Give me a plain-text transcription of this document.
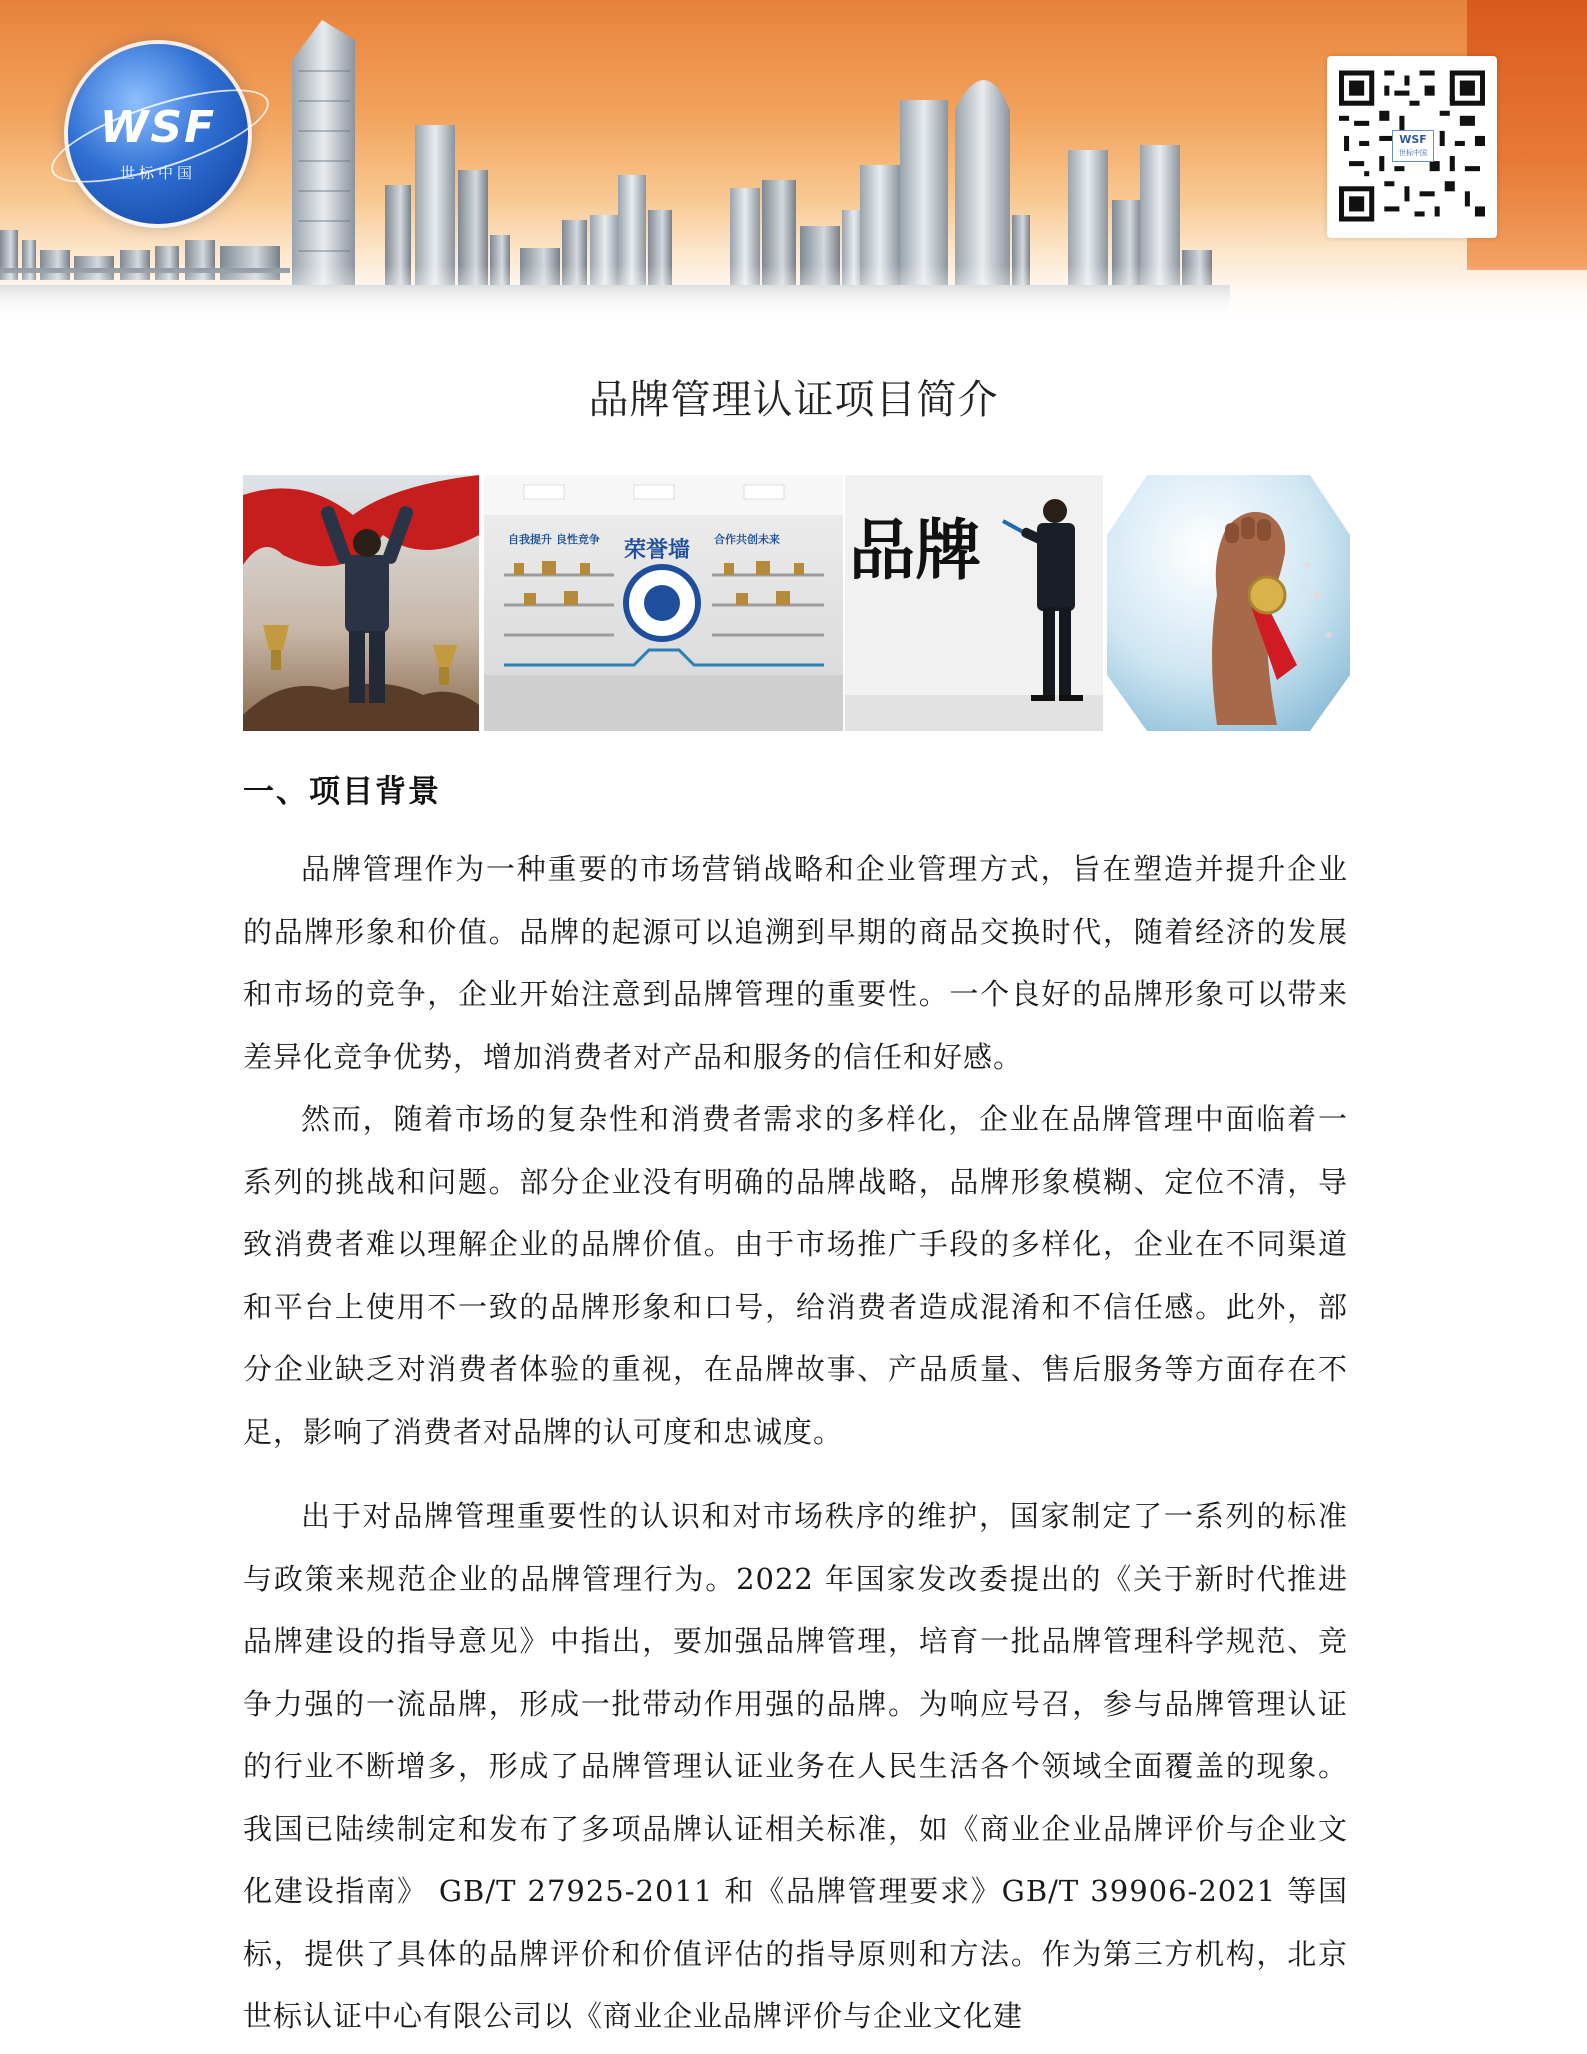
WSF
世标中国
WSF
世标中国
品牌管理认证项目简介
自我提升 良性竞争 荣誉墙 合作共创未来 品牌
一、项目背景

品牌管理作为一种重要的市场营销战略和企业管理方式，旨在塑造并提升企业的品牌形象和价值。品牌的起源可以追溯到早期的商品交换时代，随着经济的发展和市场的竞争，企业开始注意到品牌管理的重要性。一个良好的品牌形象可以带来差异化竞争优势，增加消费者对产品和服务的信任和好感。

然而，随着市场的复杂性和消费者需求的多样化，企业在品牌管理中面临着一系列的挑战和问题。部分企业没有明确的品牌战略，品牌形象模糊、定位不清，导致消费者难以理解企业的品牌价值。由于市场推广手段的多样化，企业在不同渠道和平台上使用不一致的品牌形象和口号，给消费者造成混淆和不信任感。此外，部分企业缺乏对消费者体验的重视，在品牌故事、产品质量、售后服务等方面存在不足，影响了消费者对品牌的认可度和忠诚度。

出于对品牌管理重要性的认识和对市场秩序的维护，国家制定了一系列的标准与政策来规范企业的品牌管理行为。2022 年国家发改委提出的《关于新时代推进品牌建设的指导意见》中指出，要加强品牌管理，培育一批品牌管理科学规范、竞争力强的一流品牌，形成一批带动作用强的品牌。为响应号召，参与品牌管理认证的行业不断增多，形成了品牌管理认证业务在人民生活各个领域全面覆盖的现象。我国已陆续制定和发布了多项品牌认证相关标准，如《商业企业品牌评价与企业文化建设指南》 GB/T 27925-2011 和《品牌管理要求》GB/T 39906-2021 等国标，提供了具体的品牌评价和价值评估的指导原则和方法。作为第三方机构，北京世标认证中心有限公司以《商业企业品牌评价与企业文化建
